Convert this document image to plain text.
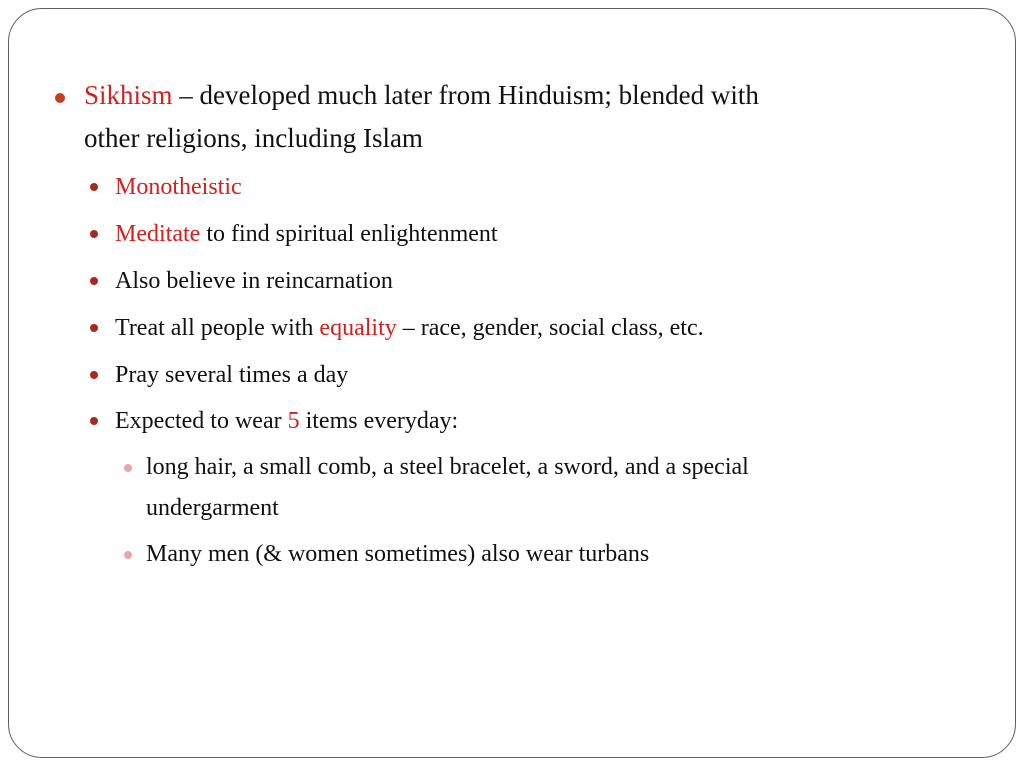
Sikhism – developed much later from Hinduism; blended with
other religions, including Islam
Monotheistic
Meditate to find spiritual enlightenment
Also believe in reincarnation
Treat all people with equality – race, gender, social class, etc.
Pray several times a day
Expected to wear 5 items everyday:
long hair, a small comb, a steel bracelet, a sword, and a special
undergarment
Many men (& women sometimes) also wear turbans
